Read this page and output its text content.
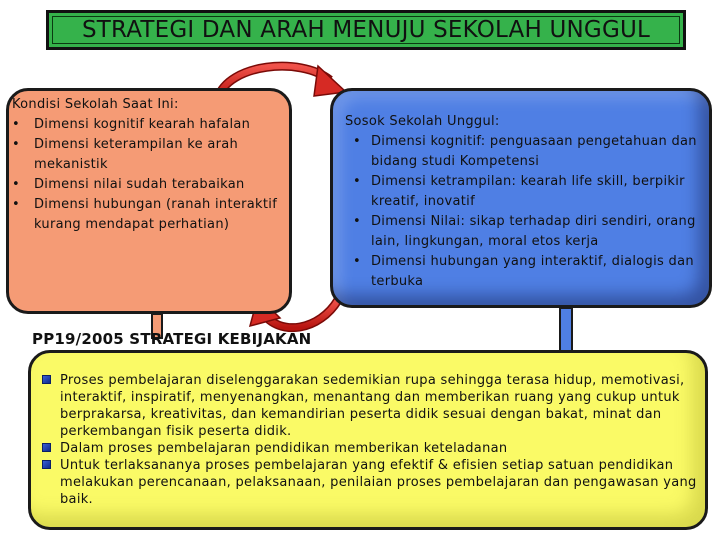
STRATEGI DAN ARAH MENUJU SEKOLAH UNGGUL
Kondisi Sekolah Saat Ini:
• Dimensi kognitif kearah hafalan
• Dimensi keterampilan ke arah mekanistik
• Dimensi nilai sudah terabaikan
• Dimensi hubungan (ranah interaktif kurang mendapat perhatian)
Sosok Sekolah Unggul:
• Dimensi kognitif: penguasaan pengetahuan dan bidang studi Kompetensi
• Dimensi ketrampilan: kearah life skill, berpikir kreatif, inovatif
• Dimensi Nilai: sikap terhadap diri sendiri, orang lain, lingkungan, moral etos kerja
• Dimensi hubungan yang interaktif, dialogis dan terbuka
PP19/2005 STRATEGI KEBIJAKAN
Proses pembelajaran diselenggarakan sedemikian rupa sehingga terasa hidup, memotivasi, interaktif, inspiratif, menyenangkan, menantang dan memberikan ruang yang cukup untuk berprakarsa, kreativitas, dan kemandirian peserta didik sesuai dengan bakat, minat dan perkembangan fisik peserta didik.
Dalam proses pembelajaran pendidikan memberikan keteladanan
Untuk terlaksananya proses pembelajaran yang efektif & efisien setiap satuan pendidikan melakukan perencanaan, pelaksanaan, penilaian proses pembelajaran dan pengawasan yang baik.
